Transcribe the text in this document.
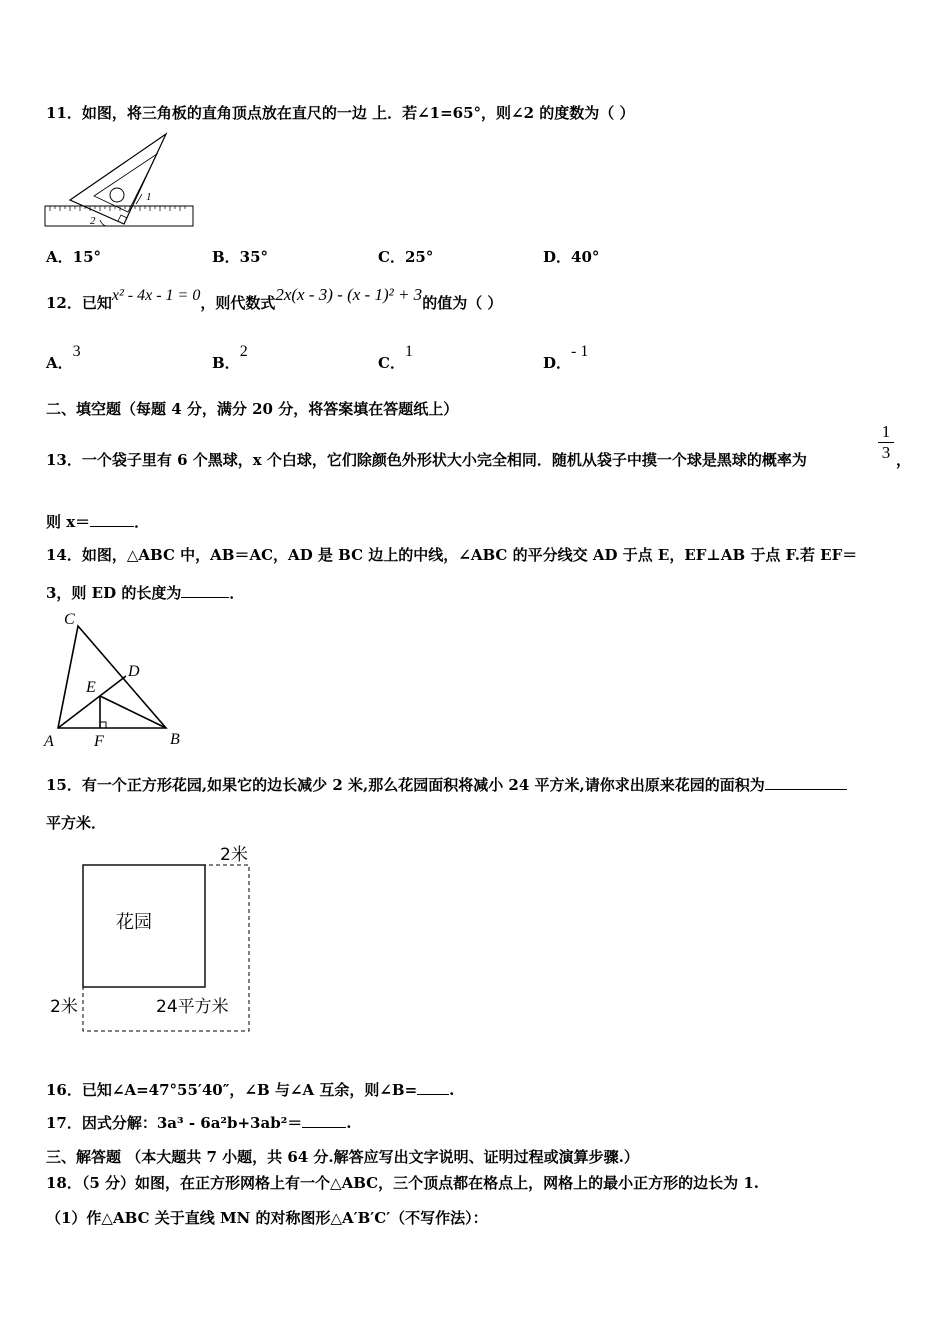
11．如图，将三角板的直角顶点放在直尺的一边 上．若∠1=65°，则∠2 的度数为（ ）
1
2
A．15°	B．35°	C．25°	D．40°
12．已知x² - 4x - 1 = 0，则代数式2x(x - 3) - (x - 1)² + 3的值为（ ）
A．3
B．2
C．1
D．- 1
二、填空题（每题 4 分，满分 20 分，将答案填在答题纸上）
13．一个袋子里有 6 个黑球，x 个白球，它们除颜色外形状大小完全相同．随机从袋子中摸一个球是黑球的概率为
1
3 ，
则 x＝	．
14．如图，△ABC 中，AB＝AC，AD 是 BC 边上的中线，∠ABC 的平分线交 AD 于点 E，EF⊥AB 于点 F.若 EF＝
3，则 ED 的长度为	．
C
D
E
A	F	B
15．有一个正方形花园,如果它的边长减少 2 米,那么花园面积将减小 24 平方米,请你求出原来花园的面积为
平方米．
花园
2米
2米	24平方米
16．已知∠A=47°55′40″，∠B 与∠A 互余，则∠B= .
17．因式分解：3a³ - 6a²b+3ab²＝	.
三、解答题 （本大题共 7 小题，共 64 分.解答应写出文字说明、证明过程或演算步骤.）
18．（5 分）如图，在正方形网格上有一个△ABC，三个顶点都在格点上，网格上的最小正方形的边长为 1.
（1）作△ABC 关于直线 MN 的对称图形△A′B′C′（不写作法）：
